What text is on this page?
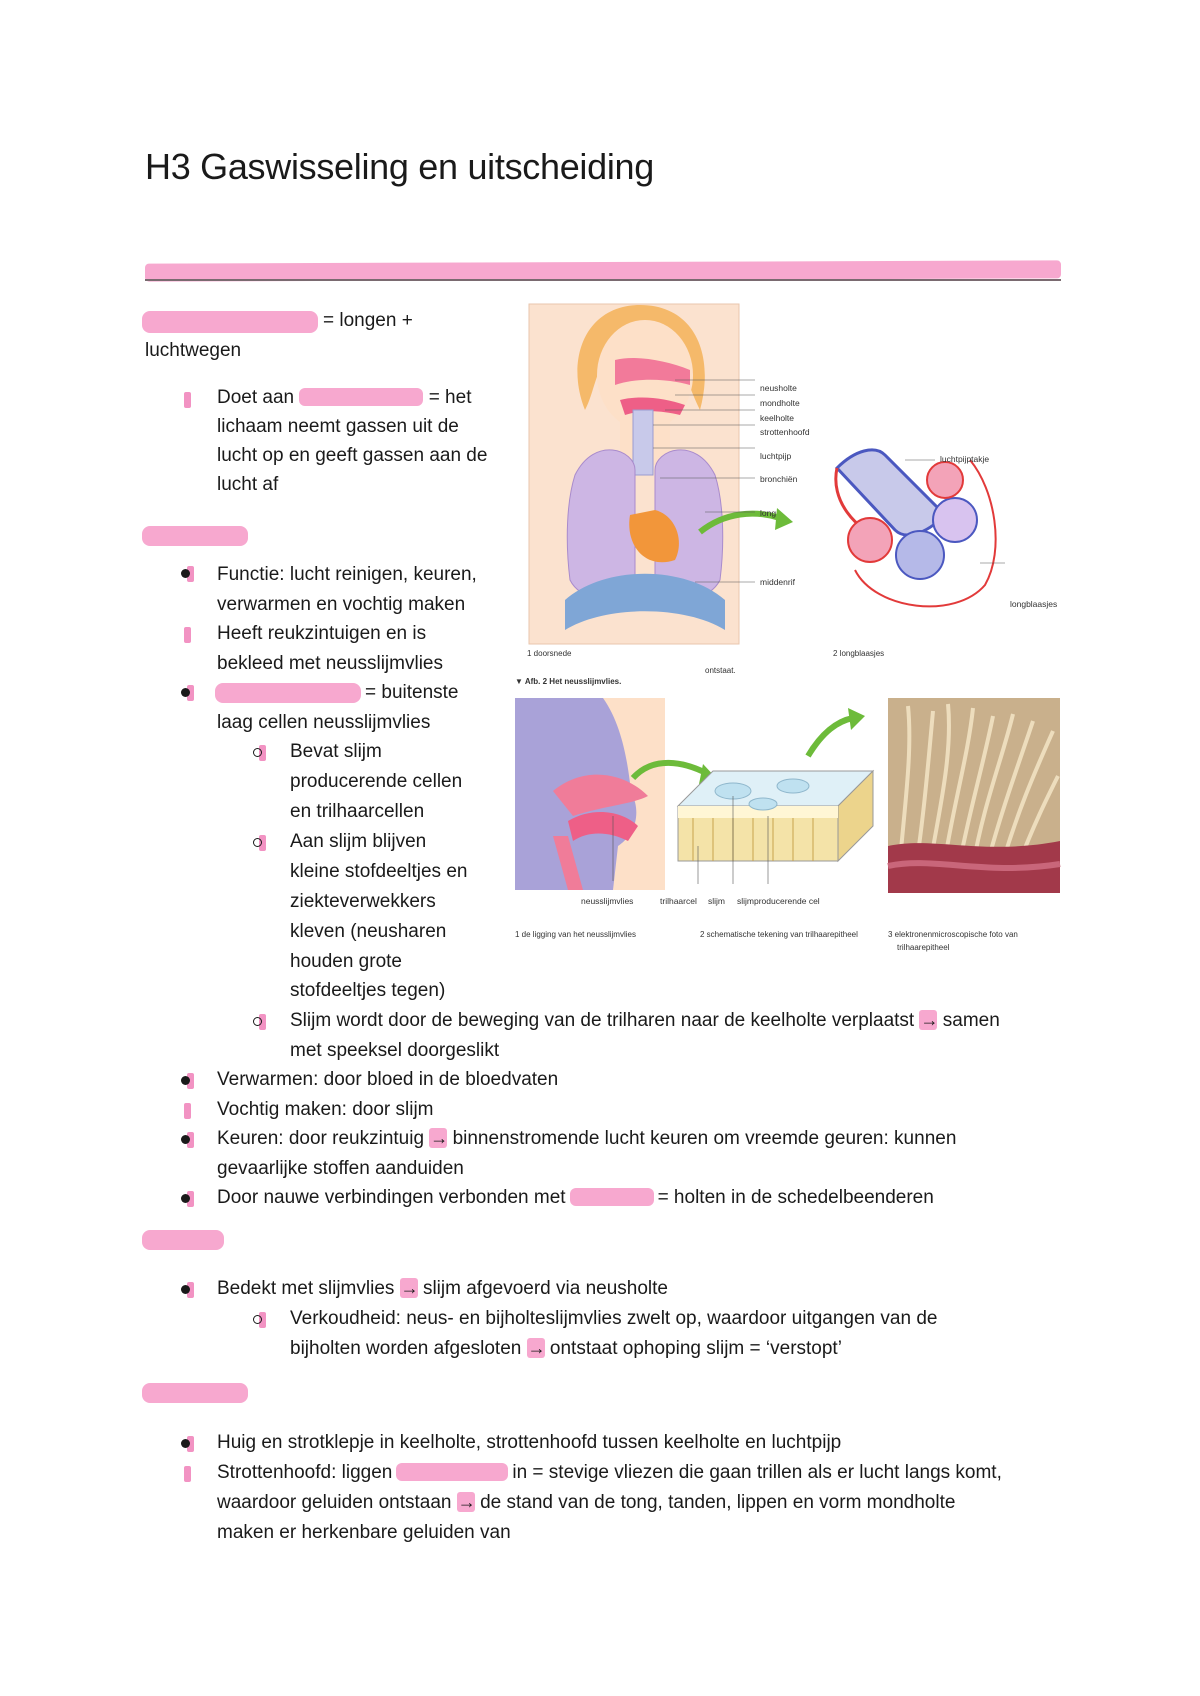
H3 Gaswisseling en uitscheiding
= longen +
luchtwegen
Doet aan	= het
lichaam neemt gassen uit de
lucht op en geeft gassen aan de
lucht af
Functie: lucht reinigen, keuren,
verwarmen en vochtig maken
Heeft reukzintuigen en is
bekleed met neusslijmvlies
= buitenste
laag cellen neusslijmvlies
Bevat slijm
producerende cellen
en trilhaarcellen
Aan slijm blijven
kleine stofdeeltjes en
ziekteverwekkers
kleven (neusharen
houden grote
stofdeeltjes tegen)
Slijm wordt door de beweging van de trilharen naar de keelholte verplaatst → samen
met speeksel doorgeslikt
Verwarmen: door bloed in de bloedvaten
Vochtig maken: door slijm
Keuren: door reukzintuig → binnenstromende lucht keuren om vreemde geuren: kunnen
gevaarlijke stoffen aanduiden
Door nauwe verbindingen verbonden met	= holten in de schedelbeenderen
Bedekt met slijmvlies → slijm afgevoerd via neusholte
Verkoudheid: neus- en bijholteslijmvlies zwelt op, waardoor uitgangen van de
bijholten worden afgesloten → ontstaat ophoping slijm = ‘verstopt’
Huig en strotklepje in keelholte, strottenhoofd tussen keelholte en luchtpijp
Strottenhoofd: liggen	in = stevige vliezen die gaan trillen als er lucht langs komt,
waardoor geluiden ontstaan → de stand van de tong, tanden, lippen en vorm mondholte
maken er herkenbare geluiden van
neusholte
mondholte
keelholte
strottenhoofd
luchtpijp
bronchiën
long
middenrif
luchtpijptakje
longblaasjes
1 doorsnede	2 longblaasjes
ontstaat.
▼ Afb. 2 Het neusslijmvlies.
neusslijmvlies	trilhaarcel slijm slijmproducerende cel
1 de ligging van het neusslijmvlies	2 schematische tekening van trilhaarepitheel	3 elektronenmicroscopische foto van
trilhaarepitheel
